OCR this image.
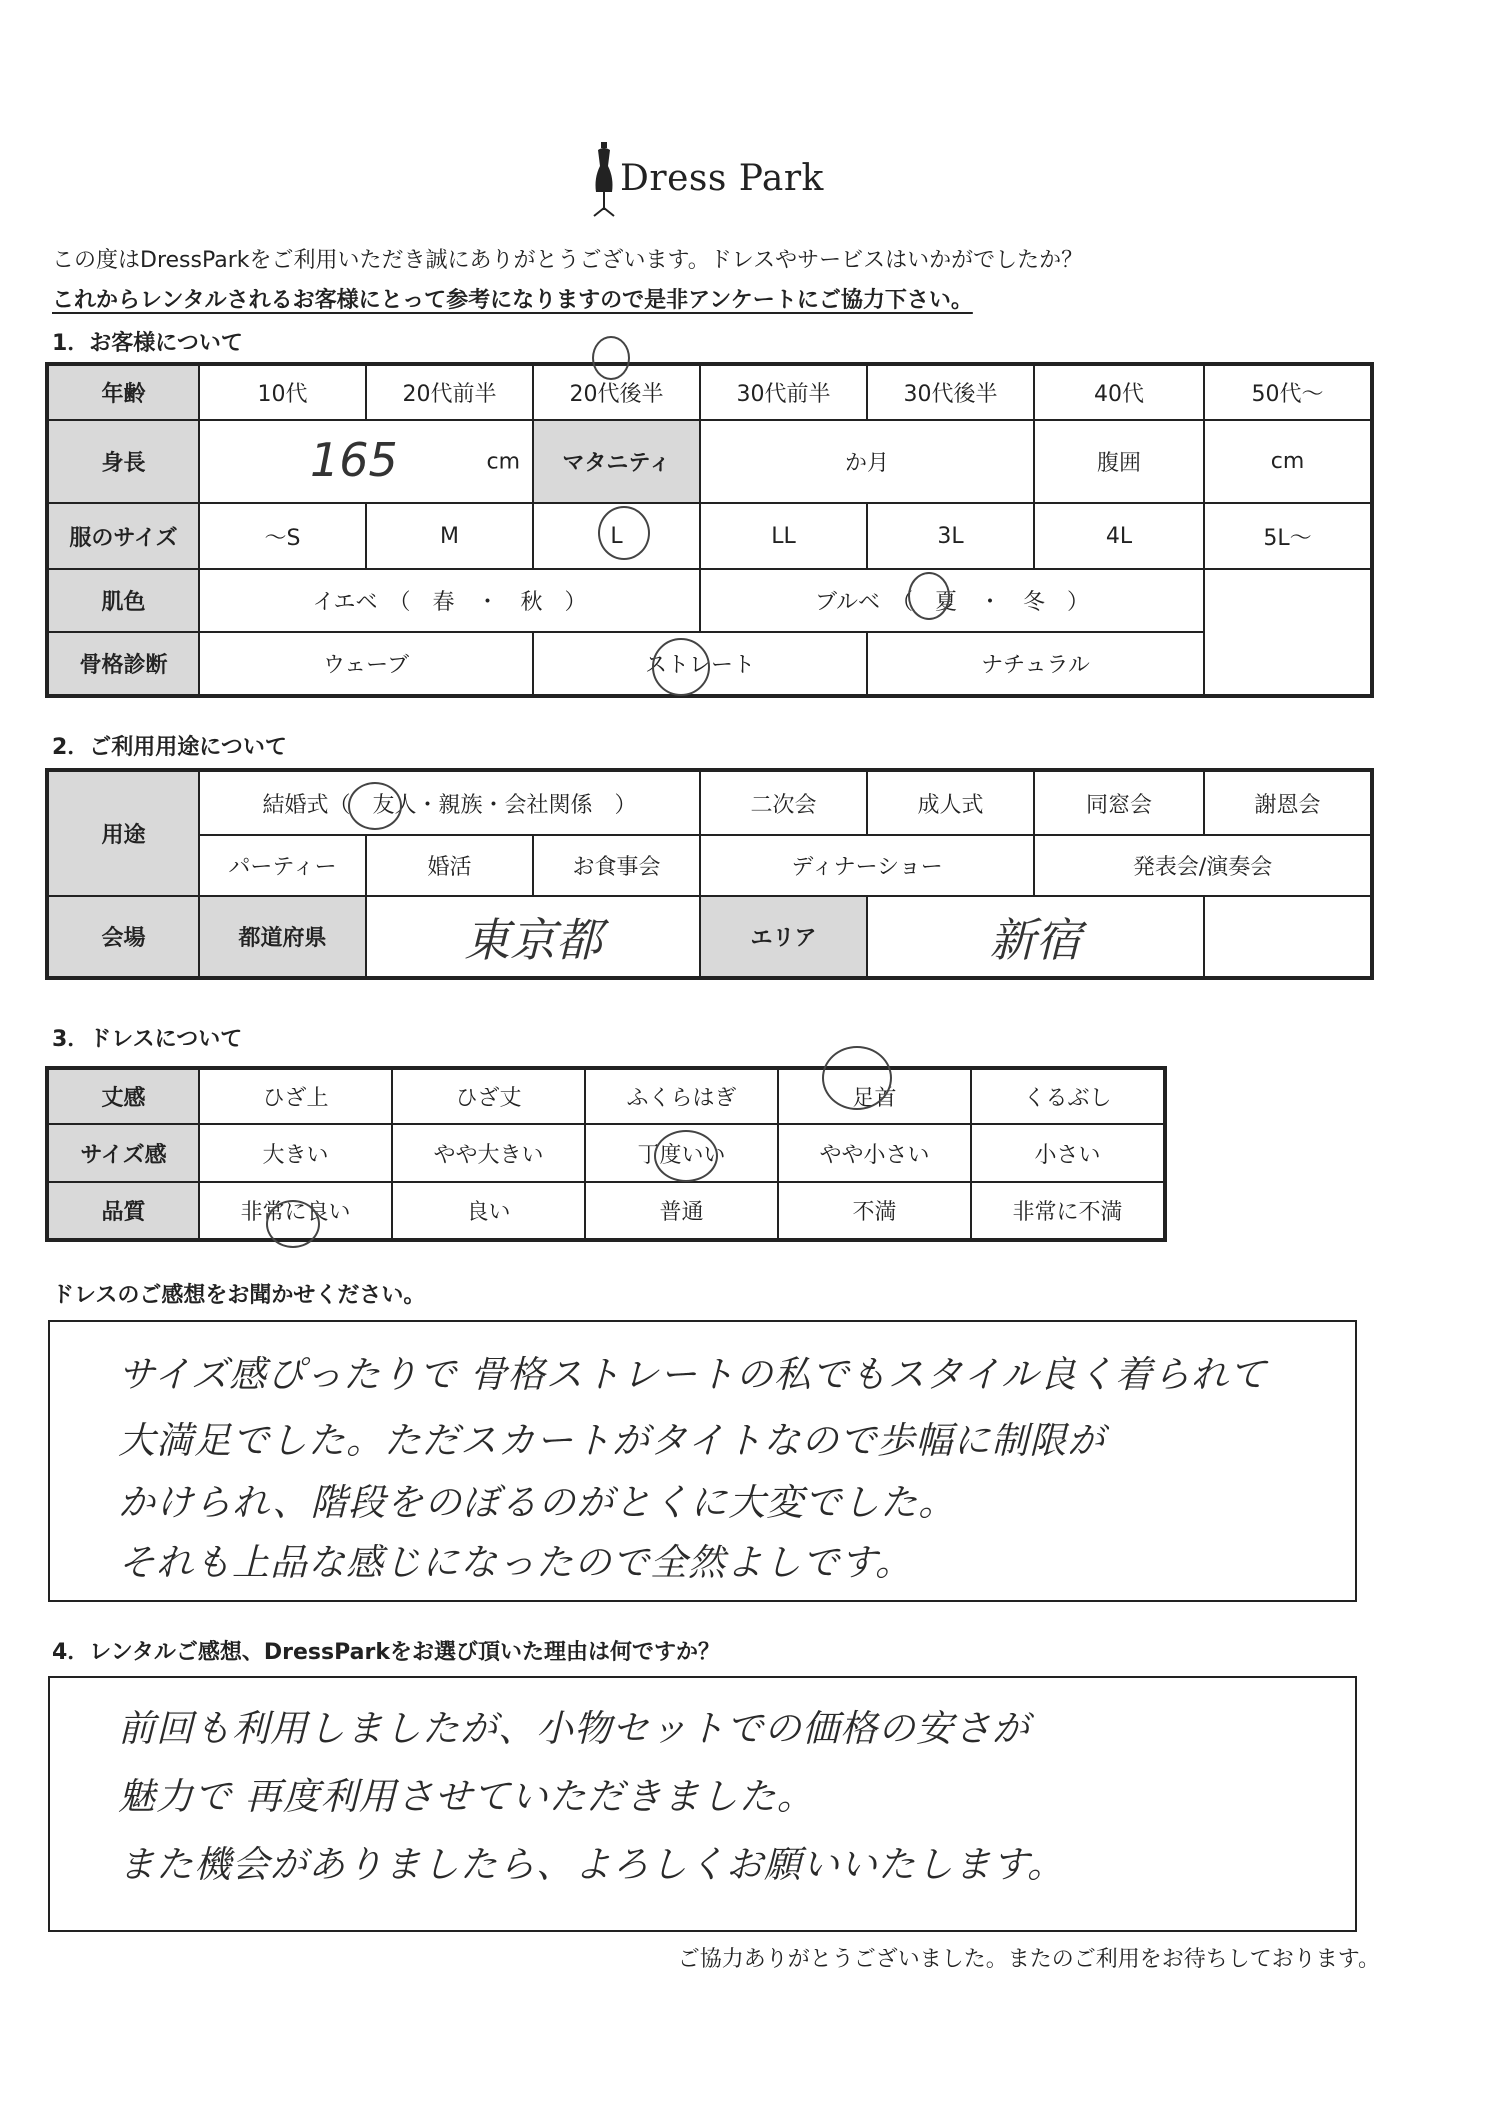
Dress Park
この度はDressParkをご利用いただき誠にありがとうございます。ドレスやサービスはいかがでしたか？
これからレンタルされるお客様にとって参考になりますので是非アンケートにご協力下さい。
1．お客様について
年齢	10代	20代前半	20代後半	30代前半	30代後半	40代	50代〜
身長	165 cm		マタニティ	か月		腹囲	cm
服のサイズ	〜S	M	L	LL	3L	4L	5L〜
肌色	イエベ　（　春　・　秋　）			ブルベ　（　夏　・　冬　）			
骨格診断	ウェーブ		ストレート		ナチュラル		
2．ご利用用途について
用途	結婚式（　友人・親族・会社関係　）			二次会	成人式	同窓会	謝恩会
	パーティー	婚活	お食事会	ディナーショー		発表会/演奏会	
会場	都道府県	東京都		エリア	新宿		
3．ドレスについて
丈感	ひざ上	ひざ丈	ふくらはぎ	足首	くるぶし
サイズ感	大きい	やや大きい	丁度いい	やや小さい	小さい
品質	非常に良い	良い	普通	不満	非常に不満
ドレスのご感想をお聞かせください。
サイズ感ぴったりで 骨格ストレートの私でもスタイル良く着られて
大満足でした。ただスカートがタイトなので歩幅に制限が
かけられ、階段をのぼるのがとくに大変でした。
それも上品な感じになったので全然よしです。
4．レンタルご感想、DressParkをお選び頂いた理由は何ですか？
前回も利用しましたが、小物セットでの価格の安さが
魅力で 再度利用させていただきました。
また機会がありましたら、よろしくお願いいたします。
ご協力ありがとうございました。またのご利用をお待ちしております。
